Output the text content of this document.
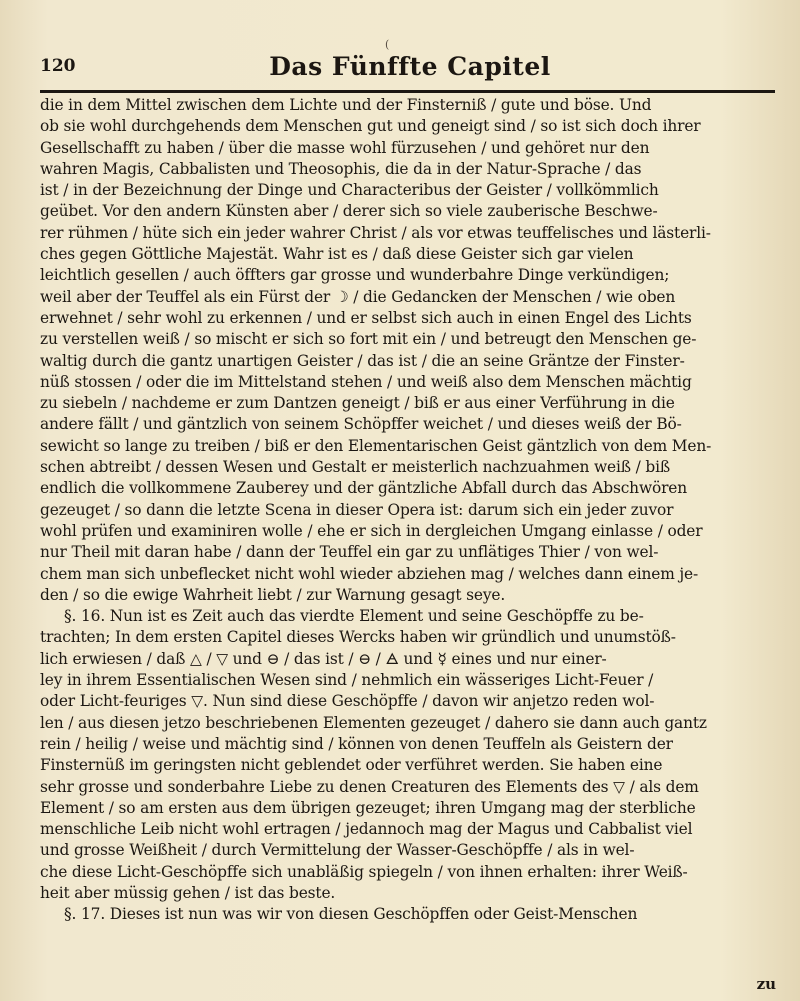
(
120	Das Fünffte Capitel
die in dem Mittel zwischen dem Lichte und der Finsterniß / gute und böse. Und
ob sie wohl durchgehends dem Menschen gut und geneigt sind / so ist sich doch ihrer
Gesellschafft zu haben / über die masse wohl fürzusehen / und gehöret nur den
wahren Magis, Cabbalisten und Theosophis, die da in der Natur-Sprache / das
ist / in der Bezeichnung der Dinge und Characteribus der Geister / vollkömmlich
geübet. Vor den andern Künsten aber / derer sich so viele zauberische Beschwe-
rer rühmen / hüte sich ein jeder wahrer Christ / als vor etwas teuffelisches und lästerli-
ches gegen Göttliche Majestät. Wahr ist es / daß diese Geister sich gar vielen
leichtlich gesellen / auch öffters gar grosse und wunderbahre Dinge verkündigen;
weil aber der Teuffel als ein Fürst der ☽ / die Gedancken der Menschen / wie oben
erwehnet / sehr wohl zu erkennen / und er selbst sich auch in einen Engel des Lichts
zu verstellen weiß / so mischt er sich so fort mit ein / und betreugt den Menschen ge-
waltig durch die gantz unartigen Geister / das ist / die an seine Gräntze der Finster-
nüß stossen / oder die im Mittelstand stehen / und weiß also dem Menschen mächtig
zu siebeln / nachdeme er zum Dantzen geneigt / biß er aus einer Verführung in die
andere fällt / und gäntzlich von seinem Schöpffer weichet / und dieses weiß der Bö-
sewicht so lange zu treiben / biß er den Elementarischen Geist gäntzlich von dem Men-
schen abtreibt / dessen Wesen und Gestalt er meisterlich nachzuahmen weiß / biß
endlich die vollkommene Zauberey und der gäntzliche Abfall durch das Abschwören
gezeuget / so dann die letzte Scena in dieser Opera ist: darum sich ein jeder zuvor
wohl prüfen und examiniren wolle / ehe er sich in dergleichen Umgang einlasse / oder
nur Theil mit daran habe / dann der Teuffel ein gar zu unflätiges Thier / von wel-
chem man sich unbeflecket nicht wohl wieder abziehen mag / welches dann einem je-
den / so die ewige Wahrheit liebt / zur Warnung gesagt seye.
§. 16. Nun ist es Zeit auch das vierdte Element und seine Geschöpffe zu be-
trachten; In dem ersten Capitel dieses Wercks haben wir gründlich und unumstöß-
lich erwiesen / daß △ / ▽ und ⊖ / das ist / ⊖ / 🜁 und ☿ eines und nur einer-
ley in ihrem Essentialischen Wesen sind / nehmlich ein wässeriges Licht-Feuer /
oder Licht-feuriges ▽. Nun sind diese Geschöpffe / davon wir anjetzo reden wol-
len / aus diesen jetzo beschriebenen Elementen gezeuget / dahero sie dann auch gantz
rein / heilig / weise und mächtig sind / können von denen Teuffeln als Geistern der
Finsternüß im geringsten nicht geblendet oder verführet werden. Sie haben eine
sehr grosse und sonderbahre Liebe zu denen Creaturen des Elements des ▽ / als dem
Element / so am ersten aus dem übrigen gezeuget; ihren Umgang mag der sterbliche
menschliche Leib nicht wohl ertragen / jedannoch mag der Magus und Cabbalist viel
und grosse Weißheit / durch Vermittelung der Wasser-Geschöpffe / als in wel-
che diese Licht-Geschöpffe sich unabläßig spiegeln / von ihnen erhalten: ihrer Weiß-
heit aber müssig gehen / ist das beste.
§. 17. Dieses ist nun was wir von diesen Geschöpffen oder Geist-Menschen
zu
